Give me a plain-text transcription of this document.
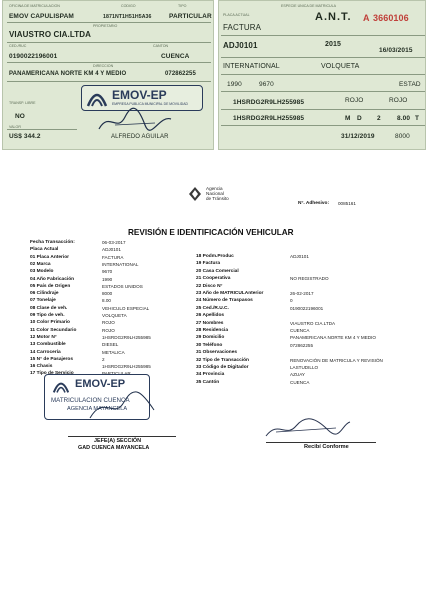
OFICINA DE MATRICULACION	CODIGO	TIPO
EMOV CAPULISPAM	1871NT1H51H5A36	PARTICULAR
PROPIETARIO
VIAUSTRO CIA.LTDA
CED./RUC	CANTON
0190022196001	CUENCA
DIRECCION
PANAMERICANA NORTE KM 4 Y MEDIO	072862255
EMOV-EP
EMPRESA PUBLICA MUNICIPAL DE MOVILIDAD
TRANSP. LIBRE
NO
VALOR
US$ 344.2	ALFREDO AGUILAR
ESPECIE UNICA DE MATRICULA
PLACA ACTUAL	A.N.T. A 3660106
FACTURA
ADJ0101	2015
16/03/2015
INTERNATIONAL	VOLQUETA
1990	9670	ESTAD
1HSRDG2R9LH255985	ROJO	ROJO
1HSRDG2R9LH255985	M D 2	8.00 T
31/12/2019	8000
Agencia
Nacional
de Tránsito
N°. Adhesivo: 0085161
REVISIÓN E IDENTIFICACIÓN VEHICULAR
Fecha Transacción:	06-03-2017
Placa Actual	ADJ0101
01 Placa Anterior	FACTURA
02 Marca	INTERNATIONAL
03 Modelo	9670
04 Año Fabricación	1990
05 País de Origen	ESTADOS UNIDOS
06 Cilindraje	8000
07 Tonelaje	8.00
08 Clase de veh.	VEHICULO ESPECIAL
09 Tipo de veh.	VOLQUETA
10 Color Primario	ROJO
11 Color Secundario	ROJO
12 Motor N°	1HSRDG2R9LH255985
13 Combustible	DIESEL
14 Carrocería	METALICA
15 N° de Pasajeros	2
16 Chasis	1HSRDG2R9LH255985
17 Tipo de Servicio	PARTICULAR
18 Podm.Produc	ADJ0101
19 Factura
20 Casa Comercial
21 Cooperativa	NO REGISTRADO
22 Disco N°
23 Año de MATRICULAnterior	26-02-2017
24 Número de Traspasos	0
25 Ced./R.U.C.	0190022196001
26 Apellidos
27 Nombres	VIAUSTRO CIA.LTDA
28 Residencia	CUENCA
29 Domicilio	PANAMERICANA NORTE KM 4 Y MEDIO
30 Teléfono	072862255
31 Observaciones
32 Tipo de Transacción	RENOVACIÓN DE MATRICULA Y REVISIÓN
33 Código de Digitador	LASTUDILLO
34 Provincia	AZUAY
35 Cantón	CUENCA
EMOV-EP
MATRICULACION CUENCA
AGENCIA MAYANCELA
JEFE(A) SECCIÓN
GAD CUENCA MAYANCELA	Recibí Conforme
